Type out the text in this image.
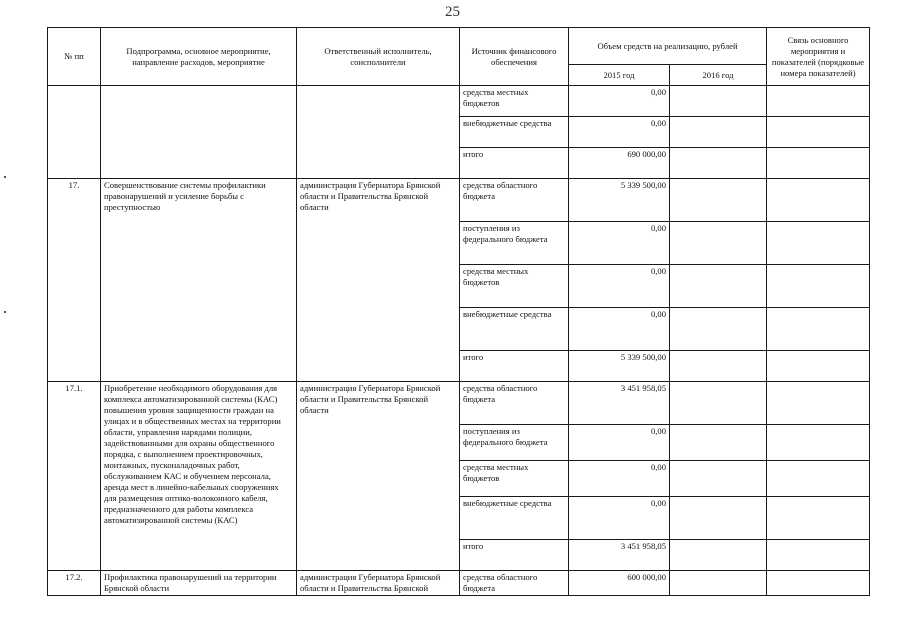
25
№ пп	Подпрограмма, основное мероприятие, направление расходов, мероприятие	Ответственный исполнитель, соисполнители	Источник финансового обеспечения	Объем средств на реализацию, рублей		Связь основного мероприятия и показателей (порядковые номера показателей)
				2015 год	2016 год	
			средства местных бюджетов	0,00		
			внебюджетные средства	0,00		
			итого	690 000,00		
17.	Совершенствование системы профилактики правонарушений и усиление борьбы с преступностью	администрация Губернатора Брянской области и Правительства Брянской области	средства областного бюджета	5 339 500,00		
			поступления из федерального бюджета	0,00		
			средства местных бюджетов	0,00		
			внебюджетные средства	0,00		
			итого	5 339 500,00		
17.1.	Приобретение необходимого оборудования для комплекса автоматизированной системы (КАС) повышения уровня защищенности граждан на улицах и в общественных местах на территории области, управления нарядами полиции, задействованными для охраны общественного порядка, с выполнением проектировочных, монтажных, пусконаладочных работ, обслуживанием КАС и обучением персонала, аренда мест в линейно-кабельных сооружениях для размещения оптико-волоконного кабеля, предназначенного для работы комплекса автоматизированной системы (КАС)	администрация Губернатора Брянской области и Правительства Брянской области	средства областного бюджета	3 451 958,05		
			поступления из федерального бюджета	0,00		
			средства местных бюджетов	0,00		
			внебюджетные средства	0,00		
			итого	3 451 958,05		
17.2.	Профилактика правонарушений на территории Брянской области	администрация Губернатора Брянской области и Правительства Брянской	средства областного бюджета	600 000,00		
